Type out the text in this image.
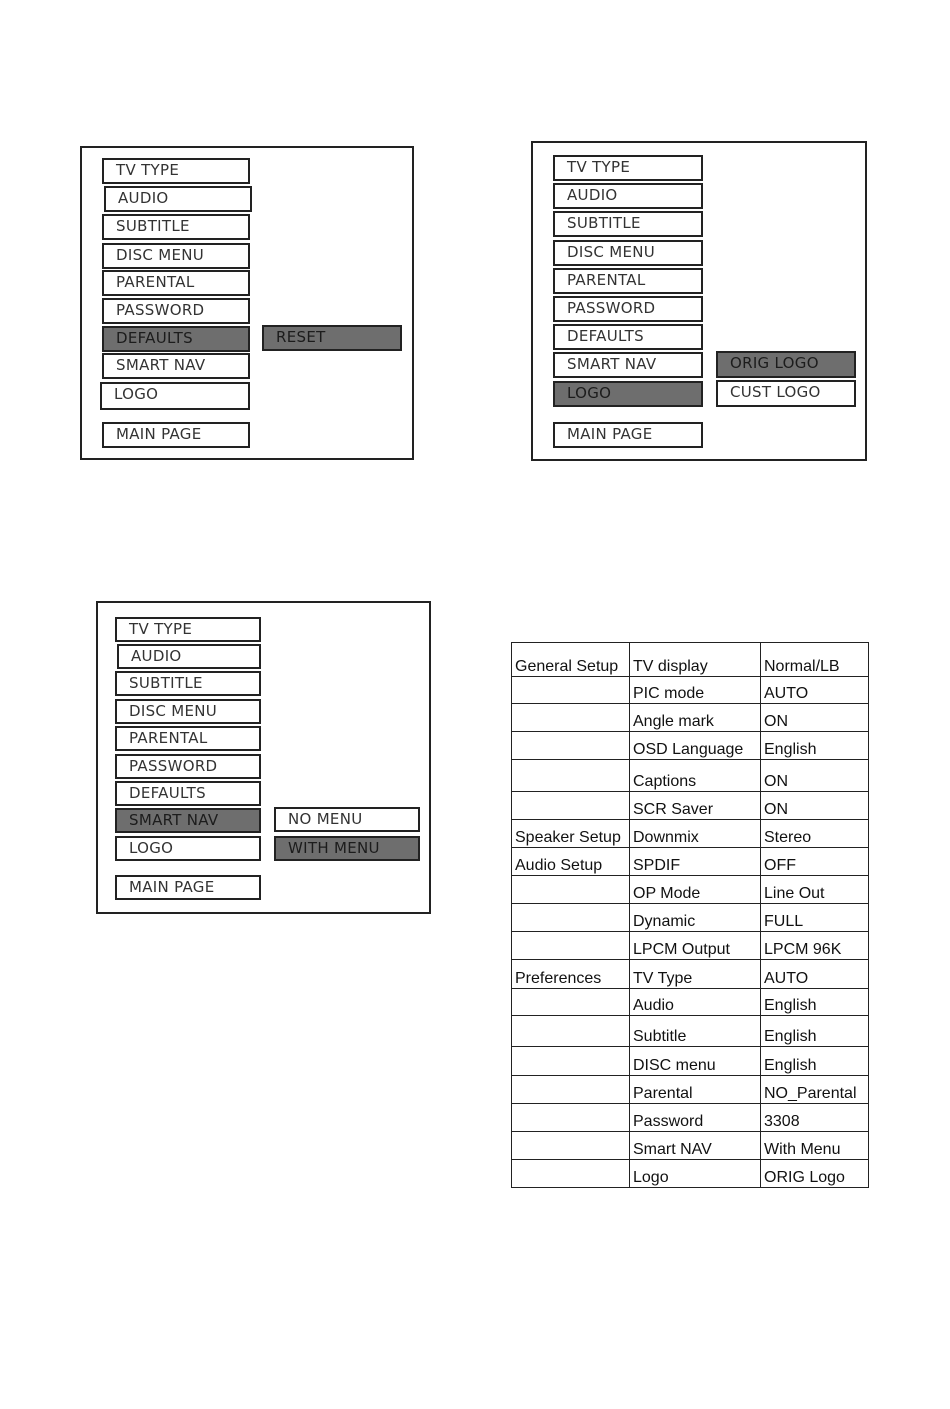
TV TYPE
AUDIO
SUBTITLE
DISC MENU
PARENTAL
PASSWORD
DEFAULTS
SMART NAV
LOGO
MAIN PAGE
RESET
TV TYPE
AUDIO
SUBTITLE
DISC MENU
PARENTAL
PASSWORD
DEFAULTS
SMART NAV
LOGO
MAIN PAGE
ORIG LOGO
CUST LOGO
TV TYPE
AUDIO
SUBTITLE
DISC MENU
PARENTAL
PASSWORD
DEFAULTS
SMART NAV
LOGO
MAIN PAGE
NO MENU
WITH MENU
General Setup	TV display	Normal/LB
	PIC mode	AUTO
	Angle mark	ON
	OSD Language	English
	Captions	ON
	SCR Saver	ON
Speaker Setup	Downmix	Stereo
Audio Setup	SPDIF	OFF
	OP Mode	Line Out
	Dynamic	FULL
	LPCM Output	LPCM 96K
Preferences	TV Type	AUTO
	Audio	English
	Subtitle	English
	DISC menu	English
	Parental	NO_Parental
	Password	3308
	Smart NAV	With Menu
	Logo	ORIG Logo
